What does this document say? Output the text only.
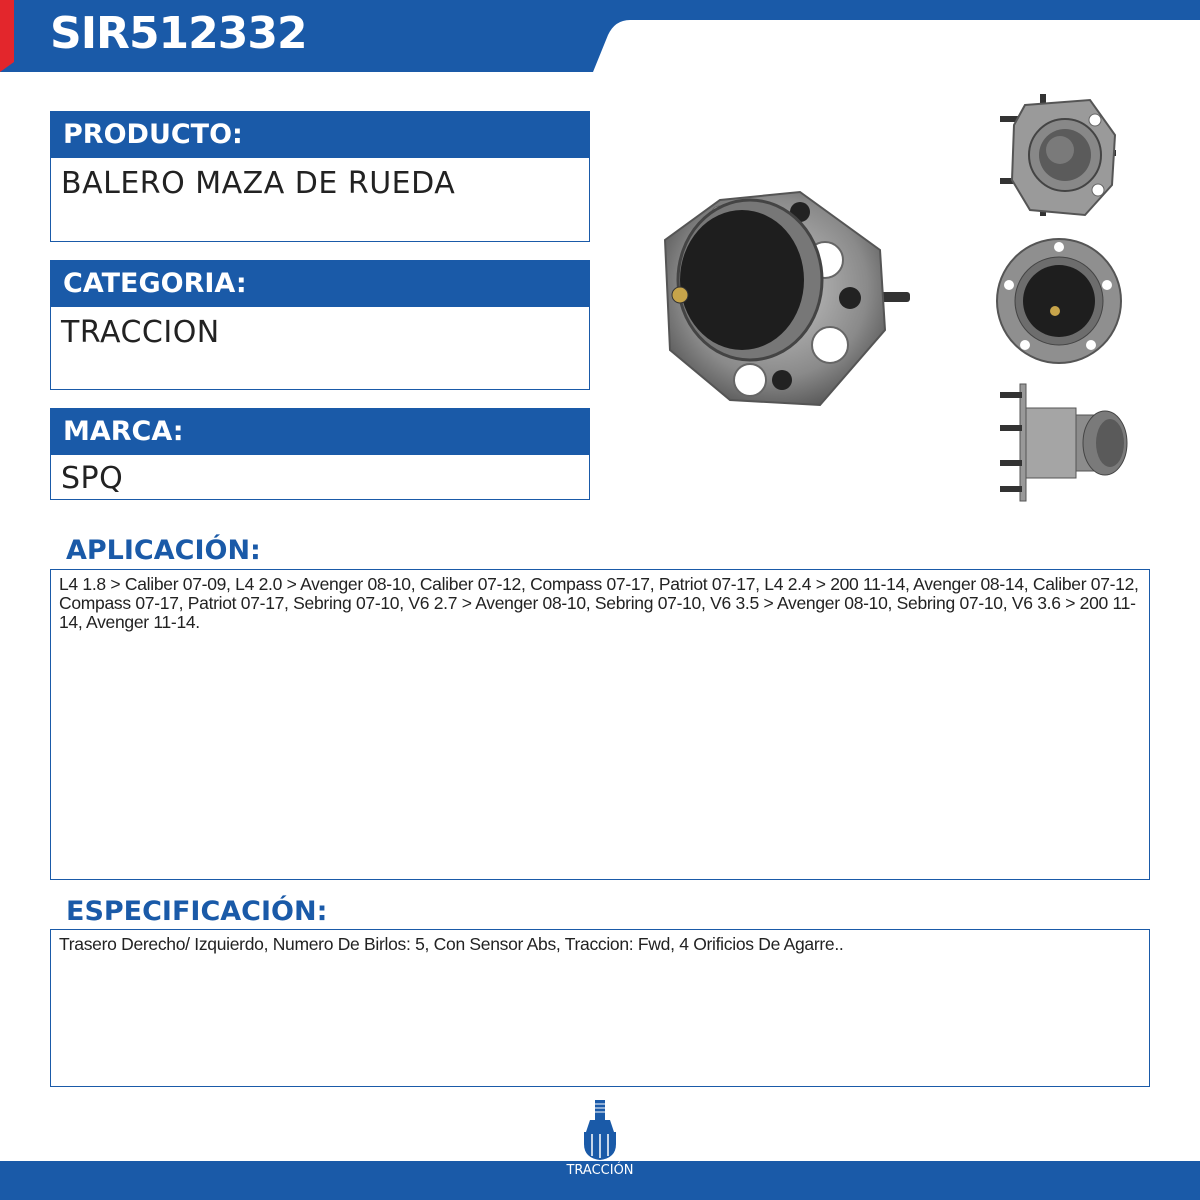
SIR512332
PRODUCTO:
BALERO MAZA DE RUEDA
CATEGORIA:
TRACCION
MARCA:
SPQ
APLICACIÓN:
L4 1.8 > Caliber 07-09, L4 2.0 > Avenger 08-10, Caliber 07-12, Compass 07-17, Patriot 07-17, L4 2.4 > 200 11-14, Avenger 08-14, Caliber 07-12, Compass 07-17, Patriot 07-17, Sebring 07-10, V6 2.7 > Avenger 08-10, Sebring 07-10, V6 3.5 > Avenger 08-10, Sebring 07-10, V6 3.6 > 200 11-14, Avenger 11-14.
ESPECIFICACIÓN:
Trasero Derecho/ Izquierdo, Numero De Birlos: 5, Con Sensor Abs, Traccion: Fwd, 4 Orificios De Agarre..
TRACCIÓN
